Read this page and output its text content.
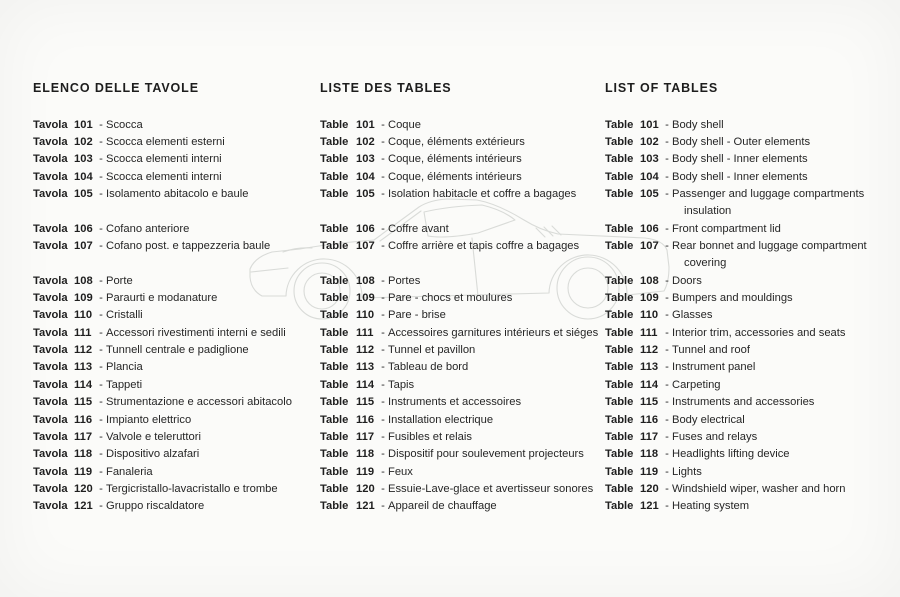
ELENCO DELLE TAVOLE
Tavola 101 - Scocca
Tavola 102 - Scocca elementi esterni
Tavola 103 - Scocca elementi interni
Tavola 104 - Scocca elementi interni
Tavola 105 - Isolamento abitacolo e baule
Tavola 106 - Cofano anteriore
Tavola 107 - Cofano post. e tappezzeria baule
Tavola 108 - Porte
Tavola 109 - Paraurti e modanature
Tavola 110 - Cristalli
Tavola 111 - Accessori rivestimenti interni e sedili
Tavola 112 - Tunnell centrale e padiglione
Tavola 113 - Plancia
Tavola 114 - Tappeti
Tavola 115 - Strumentazione e accessori abitacolo
Tavola 116 - Impianto elettrico
Tavola 117 - Valvole e teleruttori
Tavola 118 - Dispositivo alzafari
Tavola 119 - Fanaleria
Tavola 120 - Tergicristallo-lavacristallo e trombe
Tavola 121 - Gruppo riscaldatore
LISTE DES TABLES
Table 101 - Coque
Table 102 - Coque, éléments extérieurs
Table 103 - Coque, éléments intérieurs
Table 104 - Coque, éléments intérieurs
Table 105 - Isolation habitacle et coffre a bagages
Table 106 - Coffre avant
Table 107 - Coffre arrière et tapis coffre a bagages
Table 108 - Portes
Table 109 - Pare - chocs et moulures
Table 110 - Pare - brise
Table 111 - Accessoires garnitures intérieurs et siéges
Table 112 - Tunnel et pavillon
Table 113 - Tableau de bord
Table 114 - Tapis
Table 115 - Instruments et accessoires
Table 116 - Installation electrique
Table 117 - Fusibles et relais
Table 118 - Dispositif pour soulevement projecteurs
Table 119 - Feux
Table 120 - Essuie-Lave-glace et avertisseur sonores
Table 121 - Appareil de chauffage
LIST OF TABLES
Table 101 - Body shell
Table 102 - Body shell - Outer elements
Table 103 - Body shell - Inner elements
Table 104 - Body shell - Inner elements
Table 105 - Passenger and luggage compartments
insulation
Table 106 - Front compartment lid
Table 107 - Rear bonnet and luggage compartment
covering
Table 108 - Doors
Table 109 - Bumpers and mouldings
Table 110 - Glasses
Table 111 - Interior trim, accessories and seats
Table 112 - Tunnel and roof
Table 113 - Instrument panel
Table 114 - Carpeting
Table 115 - Instruments and accessories
Table 116 - Body electrical
Table 117 - Fuses and relays
Table 118 - Headlights lifting device
Table 119 - Lights
Table 120 - Windshield wiper, washer and horn
Table 121 - Heating system
